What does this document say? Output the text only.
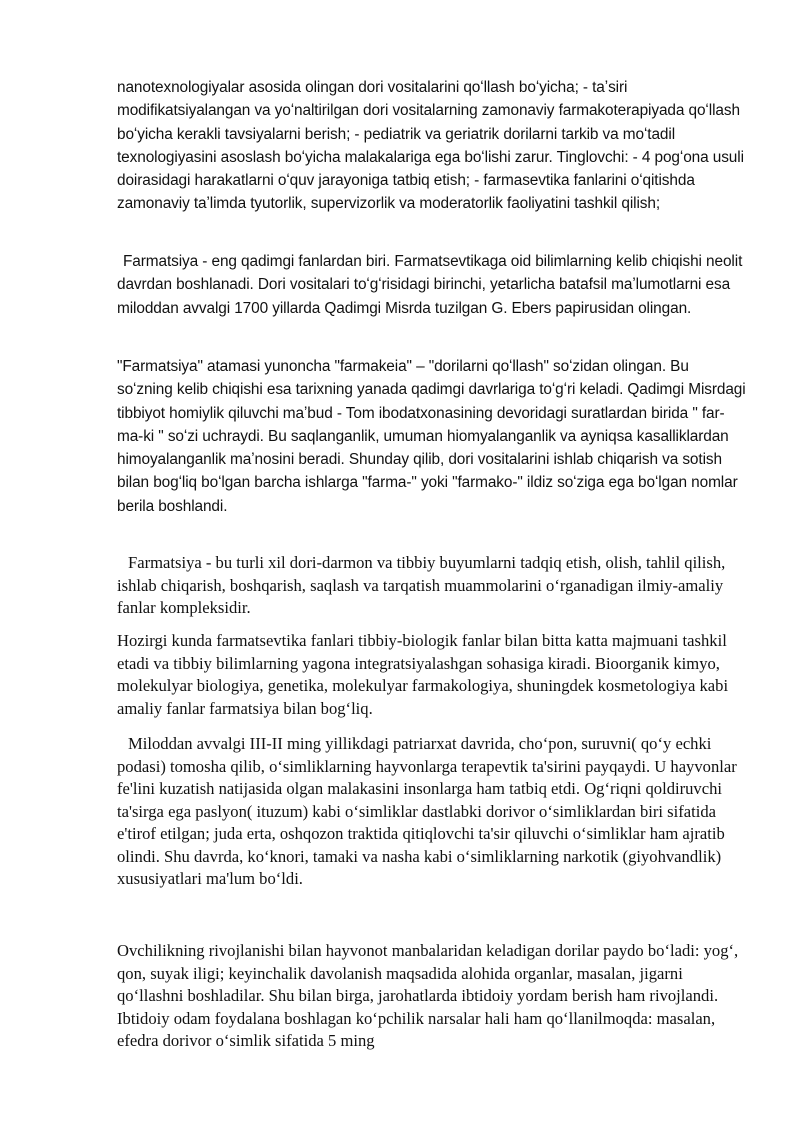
nanotexnologiyalar asosida olingan dori vositalarini qoʻllash boʻyicha; - taʼsiri modifikatsiyalangan va yoʻnaltirilgan dori vositalarning zamonaviy farmakoterapiyada qoʻllash boʻyicha kerakli tavsiyalarni berish; - pediatrik va geriatrik dorilarni tarkib va moʻtadil texnologiyasini asoslash boʻyicha malakalariga ega boʻlishi zarur. Tinglovchi: - 4 pogʻona usuli doirasidagi harakatlarni oʻquv jarayoniga tatbiq etish; - farmasevtika fanlarini oʻqitishda zamonaviy taʼlimda tyutorlik, supervizorlik va moderatorlik faoliyatini tashkil qilish;

Farmatsiya - eng qadimgi fanlardan biri. Farmatsevtikaga oid bilimlarning kelib chiqishi neolit davrdan boshlanadi. Dori vositalari toʻgʻrisidagi birinchi, yetarlicha batafsil maʼlumotlarni esa miloddan avvalgi 1700 yillarda Qadimgi Misrda tuzilgan G. Ebers papirusidan olingan.

"Farmatsiya" atamasi yunoncha "farmakeia" – "dorilarni qoʻllash" soʻzidan olingan. Bu soʻzning kelib chiqishi esa tarixning yanada qadimgi davrlariga toʻgʻri keladi. Qadimgi Misrdagi tibbiyot homiylik qiluvchi maʼbud - Tom ibodatxonasining devoridagi suratlardan birida " far-ma-ki " soʻzi uchraydi. Bu saqlanganlik, umuman hiomyalanganlik va ayniqsa kasalliklardan himoyalanganlik maʼnosini beradi. Shunday qilib, dori vositalarini ishlab chiqarish va sotish bilan bogʻliq boʻlgan barcha ishlarga "farma-" yoki "farmako-" ildiz soʻziga ega boʻlgan nomlar berila boshlandi.

Farmatsiya - bu turli xil dori-darmon va tibbiy buyumlarni tadqiq etish, olish, tahlil qilish, ishlab chiqarish, boshqarish, saqlash va tarqatish muammolarini oʻrganadigan ilmiy-amaliy fanlar kompleksidir.

Hozirgi kunda farmatsevtika fanlari tibbiy-biologik fanlar bilan bitta katta majmuani tashkil etadi va tibbiy bilimlarning yagona integratsiyalashgan sohasiga kiradi. Bioorganik kimyo, molekulyar biologiya, genetika, molekulyar farmakologiya, shuningdek kosmetologiya kabi amaliy fanlar farmatsiya bilan bogʻliq.

Miloddan avvalgi III-II ming yillikdagi patriarxat davrida, choʻpon, suruvni( qoʻy echki podasi) tomosha qilib, oʻsimliklarning hayvonlarga terapevtik ta'sirini payqaydi. U hayvonlar fe'lini kuzatish natijasida olgan malakasini insonlarga ham tatbiq etdi. Ogʻriqni qoldiruvchi ta'sirga ega paslyon( ituzum) kabi oʻsimliklar dastlabki dorivor oʻsimliklardan biri sifatida e'tirof etilgan; juda erta, oshqozon traktida qitiqlovchi ta'sir qiluvchi oʻsimliklar ham ajratib olindi. Shu davrda, koʻknori, tamaki va nasha kabi oʻsimliklarning narkotik (giyohvandlik) xususiyatlari ma'lum boʻldi.

Ovchilikning rivojlanishi bilan hayvonot manbalaridan keladigan dorilar paydo boʻladi: yogʻ, qon, suyak iligi; keyinchalik davolanish maqsadida alohida organlar, masalan, jigarni qoʻllashni boshladilar. Shu bilan birga, jarohatlarda ibtidoiy yordam berish ham rivojlandi. Ibtidoiy odam foydalana boshlagan koʻpchilik narsalar hali ham qoʻllanilmoqda: masalan, efedra dorivor oʻsimlik sifatida 5 ming
